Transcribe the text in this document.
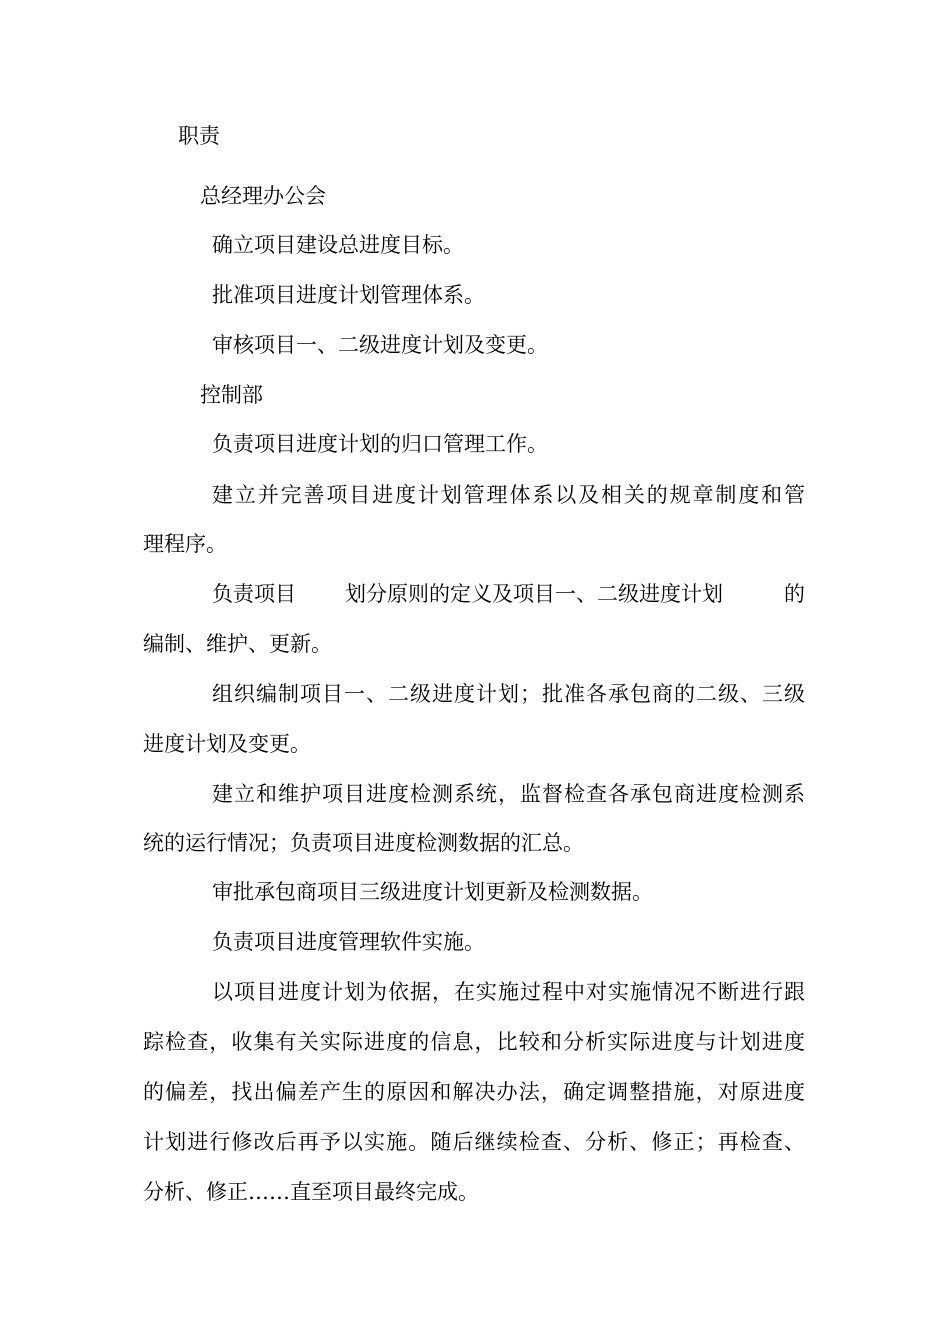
职责

总经理办公会

确立项目建设总进度目标。

批准项目进度计划管理体系。

审核项目一、二级进度计划及变更。

控制部

负责项目进度计划的归口管理工作。

建立并完善项目进度计划管理体系以及相关的规章制度和管

理程序。

负责项目 划分原则的定义及项目一、二级进度计划	的

编制、维护、更新。

组织编制项目一、二级进度计划；批准各承包商的二级、三级

进度计划及变更。

建立和维护项目进度检测系统，监督检查各承包商进度检测系

统的运行情况；负责项目进度检测数据的汇总。

审批承包商项目三级进度计划更新及检测数据。

负责项目进度管理软件实施。

以项目进度计划为依据，在实施过程中对实施情况不断进行跟

踪检查，收集有关实际进度的信息，比较和分析实际进度与计划进度

的偏差，找出偏差产生的原因和解决办法，确定调整措施，对原进度

计划进行修改后再予以实施。随后继续检查、分析、修正；再检查、

分析、修正……直至项目最终完成。
